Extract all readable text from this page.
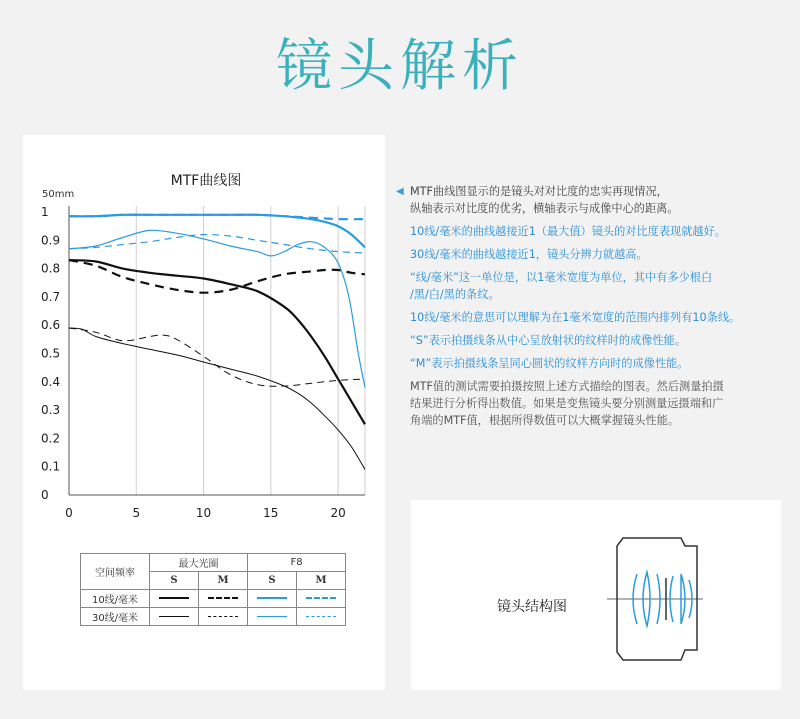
镜头解析
MTF曲线图
50mm
0	5	10	15	20
0
0.1
0.2
0.3
0.4
0.5
0.6
0.7
0.8
0.9
1
空间频率	最大光圈		F8	
	S	M	S	M
10线/毫米				
30线/毫米				

◀ MTF曲线图显示的是镜头对对比度的忠实再现情况，
纵轴表示对比度的优劣，横轴表示与成像中心的距离。

10线/毫米的曲线越接近1（最大值）镜头的对比度表现就越好。

30线/毫米的曲线越接近1，镜头分辨力就越高。

“线/毫米”这一单位是，以1毫米宽度为单位，其中有多少根白
/黑/白/黑的条纹。

10线/毫米的意思可以理解为在1毫米宽度的范围内排列有10条线。

“S”表示拍摄线条从中心呈放射状的纹样时的成像性能。

“M”表示拍摄线条呈同心圆状的纹样方向时的成像性能。

MTF值的测试需要拍摄按照上述方式描绘的图表。然后测量拍摄
结果进行分析得出数值。如果是变焦镜头要分别测量远摄端和广
角端的MTF值，根据所得数值可以大概掌握镜头性能。

镜头结构图
